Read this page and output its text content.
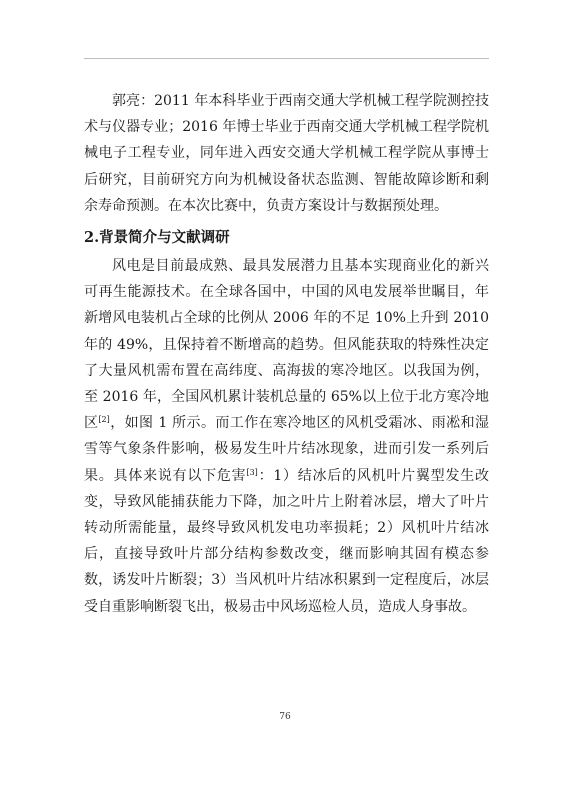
郭亮：2011 年本科毕业于西南交通大学机械工程学院测控技术与仪器专业；2016 年博士毕业于西南交通大学机械工程学院机械电子工程专业，同年进入西安交通大学机械工程学院从事博士后研究，目前研究方向为机械设备状态监测、智能故障诊断和剩余寿命预测。在本次比赛中，负责方案设计与数据预处理。

2.背景简介与文献调研

风电是目前最成熟、最具发展潜力且基本实现商业化的新兴可再生能源技术。在全球各国中，中国的风电发展举世瞩目，年新增风电装机占全球的比例从 2006 年的不足 10%上升到 2010 年的 49%，且保持着不断增高的趋势。但风能获取的特殊性决定了大量风机需布置在高纬度、高海拔的寒冷地区。以我国为例，至 2016 年，全国风机累计装机总量的 65%以上位于北方寒冷地区[2]，如图 1 所示。而工作在寒冷地区的风机受霜冰、雨凇和湿雪等气象条件影响，极易发生叶片结冰现象，进而引发一系列后果。具体来说有以下危害[3]：1）结冰后的风机叶片翼型发生改变，导致风能捕获能力下降，加之叶片上附着冰层，增大了叶片转动所需能量，最终导致风机发电功率损耗；2）风机叶片结冰后，直接导致叶片部分结构参数改变，继而影响其固有模态参数，诱发叶片断裂；3）当风机叶片结冰积累到一定程度后，冰层受自重影响断裂飞出，极易击中风场巡检人员，造成人身事故。

76
